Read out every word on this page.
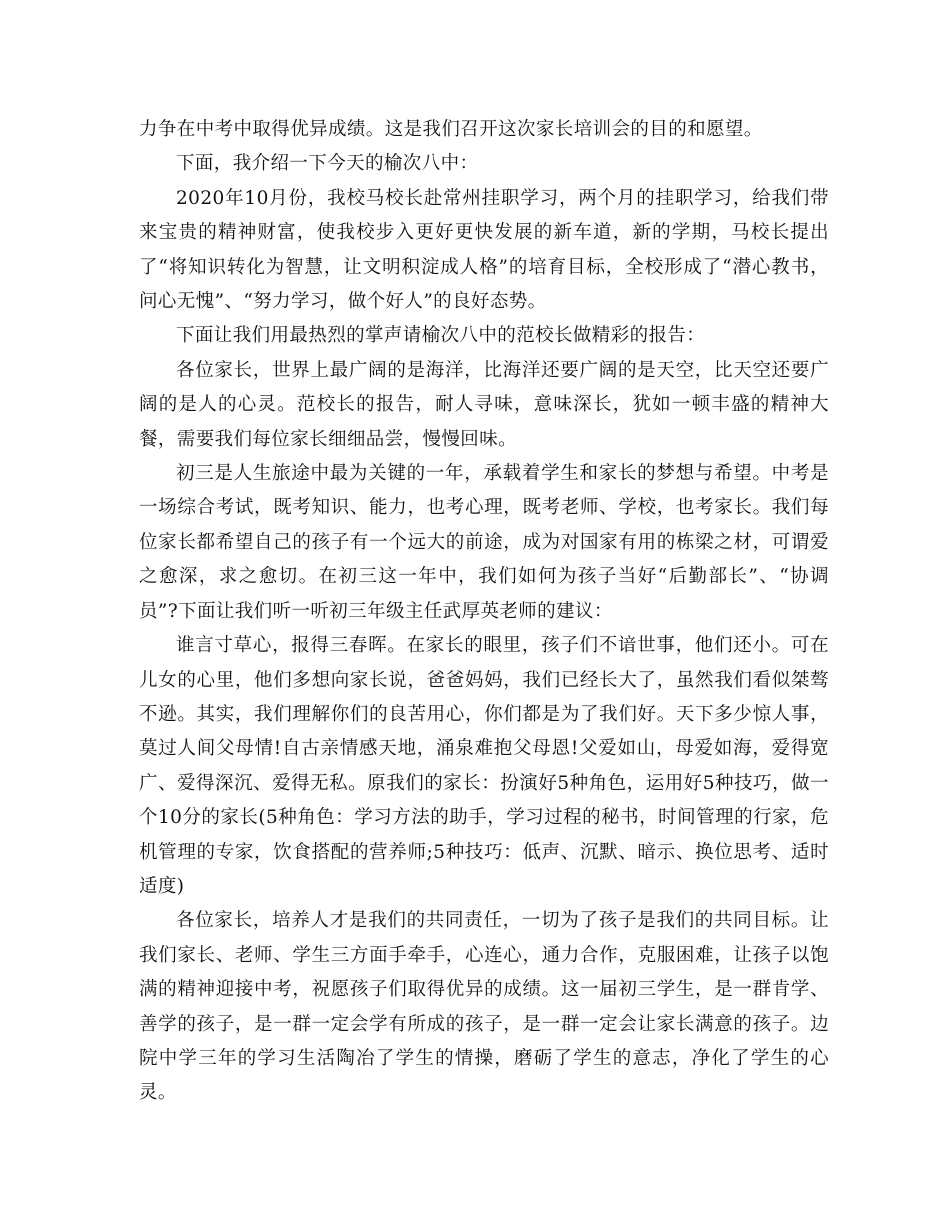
力争在中考中取得优异成绩。这是我们召开这次家长培训会的目的和愿望。

下面，我介绍一下今天的榆次八中：

2020年10月份，我校马校长赴常州挂职学习，两个月的挂职学习，给我们带来宝贵的精神财富，使我校步入更好更快发展的新车道，新的学期，马校长提出了“将知识转化为智慧，让文明积淀成人格”的培育目标，全校形成了“潜心教书，问心无愧”、“努力学习，做个好人”的良好态势。

下面让我们用最热烈的掌声请榆次八中的范校长做精彩的报告：

各位家长，世界上最广阔的是海洋，比海洋还要广阔的是天空，比天空还要广阔的是人的心灵。范校长的报告，耐人寻味，意味深长，犹如一顿丰盛的精神大餐，需要我们每位家长细细品尝，慢慢回味。

初三是人生旅途中最为关键的一年，承载着学生和家长的梦想与希望。中考是一场综合考试，既考知识、能力，也考心理，既考老师、学校，也考家长。我们每位家长都希望自己的孩子有一个远大的前途，成为对国家有用的栋梁之材，可谓爱之愈深，求之愈切。在初三这一年中，我们如何为孩子当好“后勤部长”、“协调员”?下面让我们听一听初三年级主任武厚英老师的建议：

谁言寸草心，报得三春晖。在家长的眼里，孩子们不谙世事，他们还小。可在儿女的心里，他们多想向家长说，爸爸妈妈，我们已经长大了，虽然我们看似桀骜不逊。其实，我们理解你们的良苦用心，你们都是为了我们好。天下多少惊人事，莫过人间父母情!自古亲情感天地，涌泉难抱父母恩!父爱如山，母爱如海，爱得宽广、爱得深沉、爱得无私。原我们的家长：扮演好5种角色，运用好5种技巧，做一个10分的家长(5种角色：学习方法的助手，学习过程的秘书，时间管理的行家，危机管理的专家，饮食搭配的营养师;5种技巧：低声、沉默、暗示、换位思考、适时适度)

各位家长，培养人才是我们的共同责任，一切为了孩子是我们的共同目标。让我们家长、老师、学生三方面手牵手，心连心，通力合作，克服困难，让孩子以饱满的精神迎接中考，祝愿孩子们取得优异的成绩。这一届初三学生，是一群肯学、善学的孩子，是一群一定会学有所成的孩子，是一群一定会让家长满意的孩子。边院中学三年的学习生活陶冶了学生的情操，磨砺了学生的意志，净化了学生的心灵。
